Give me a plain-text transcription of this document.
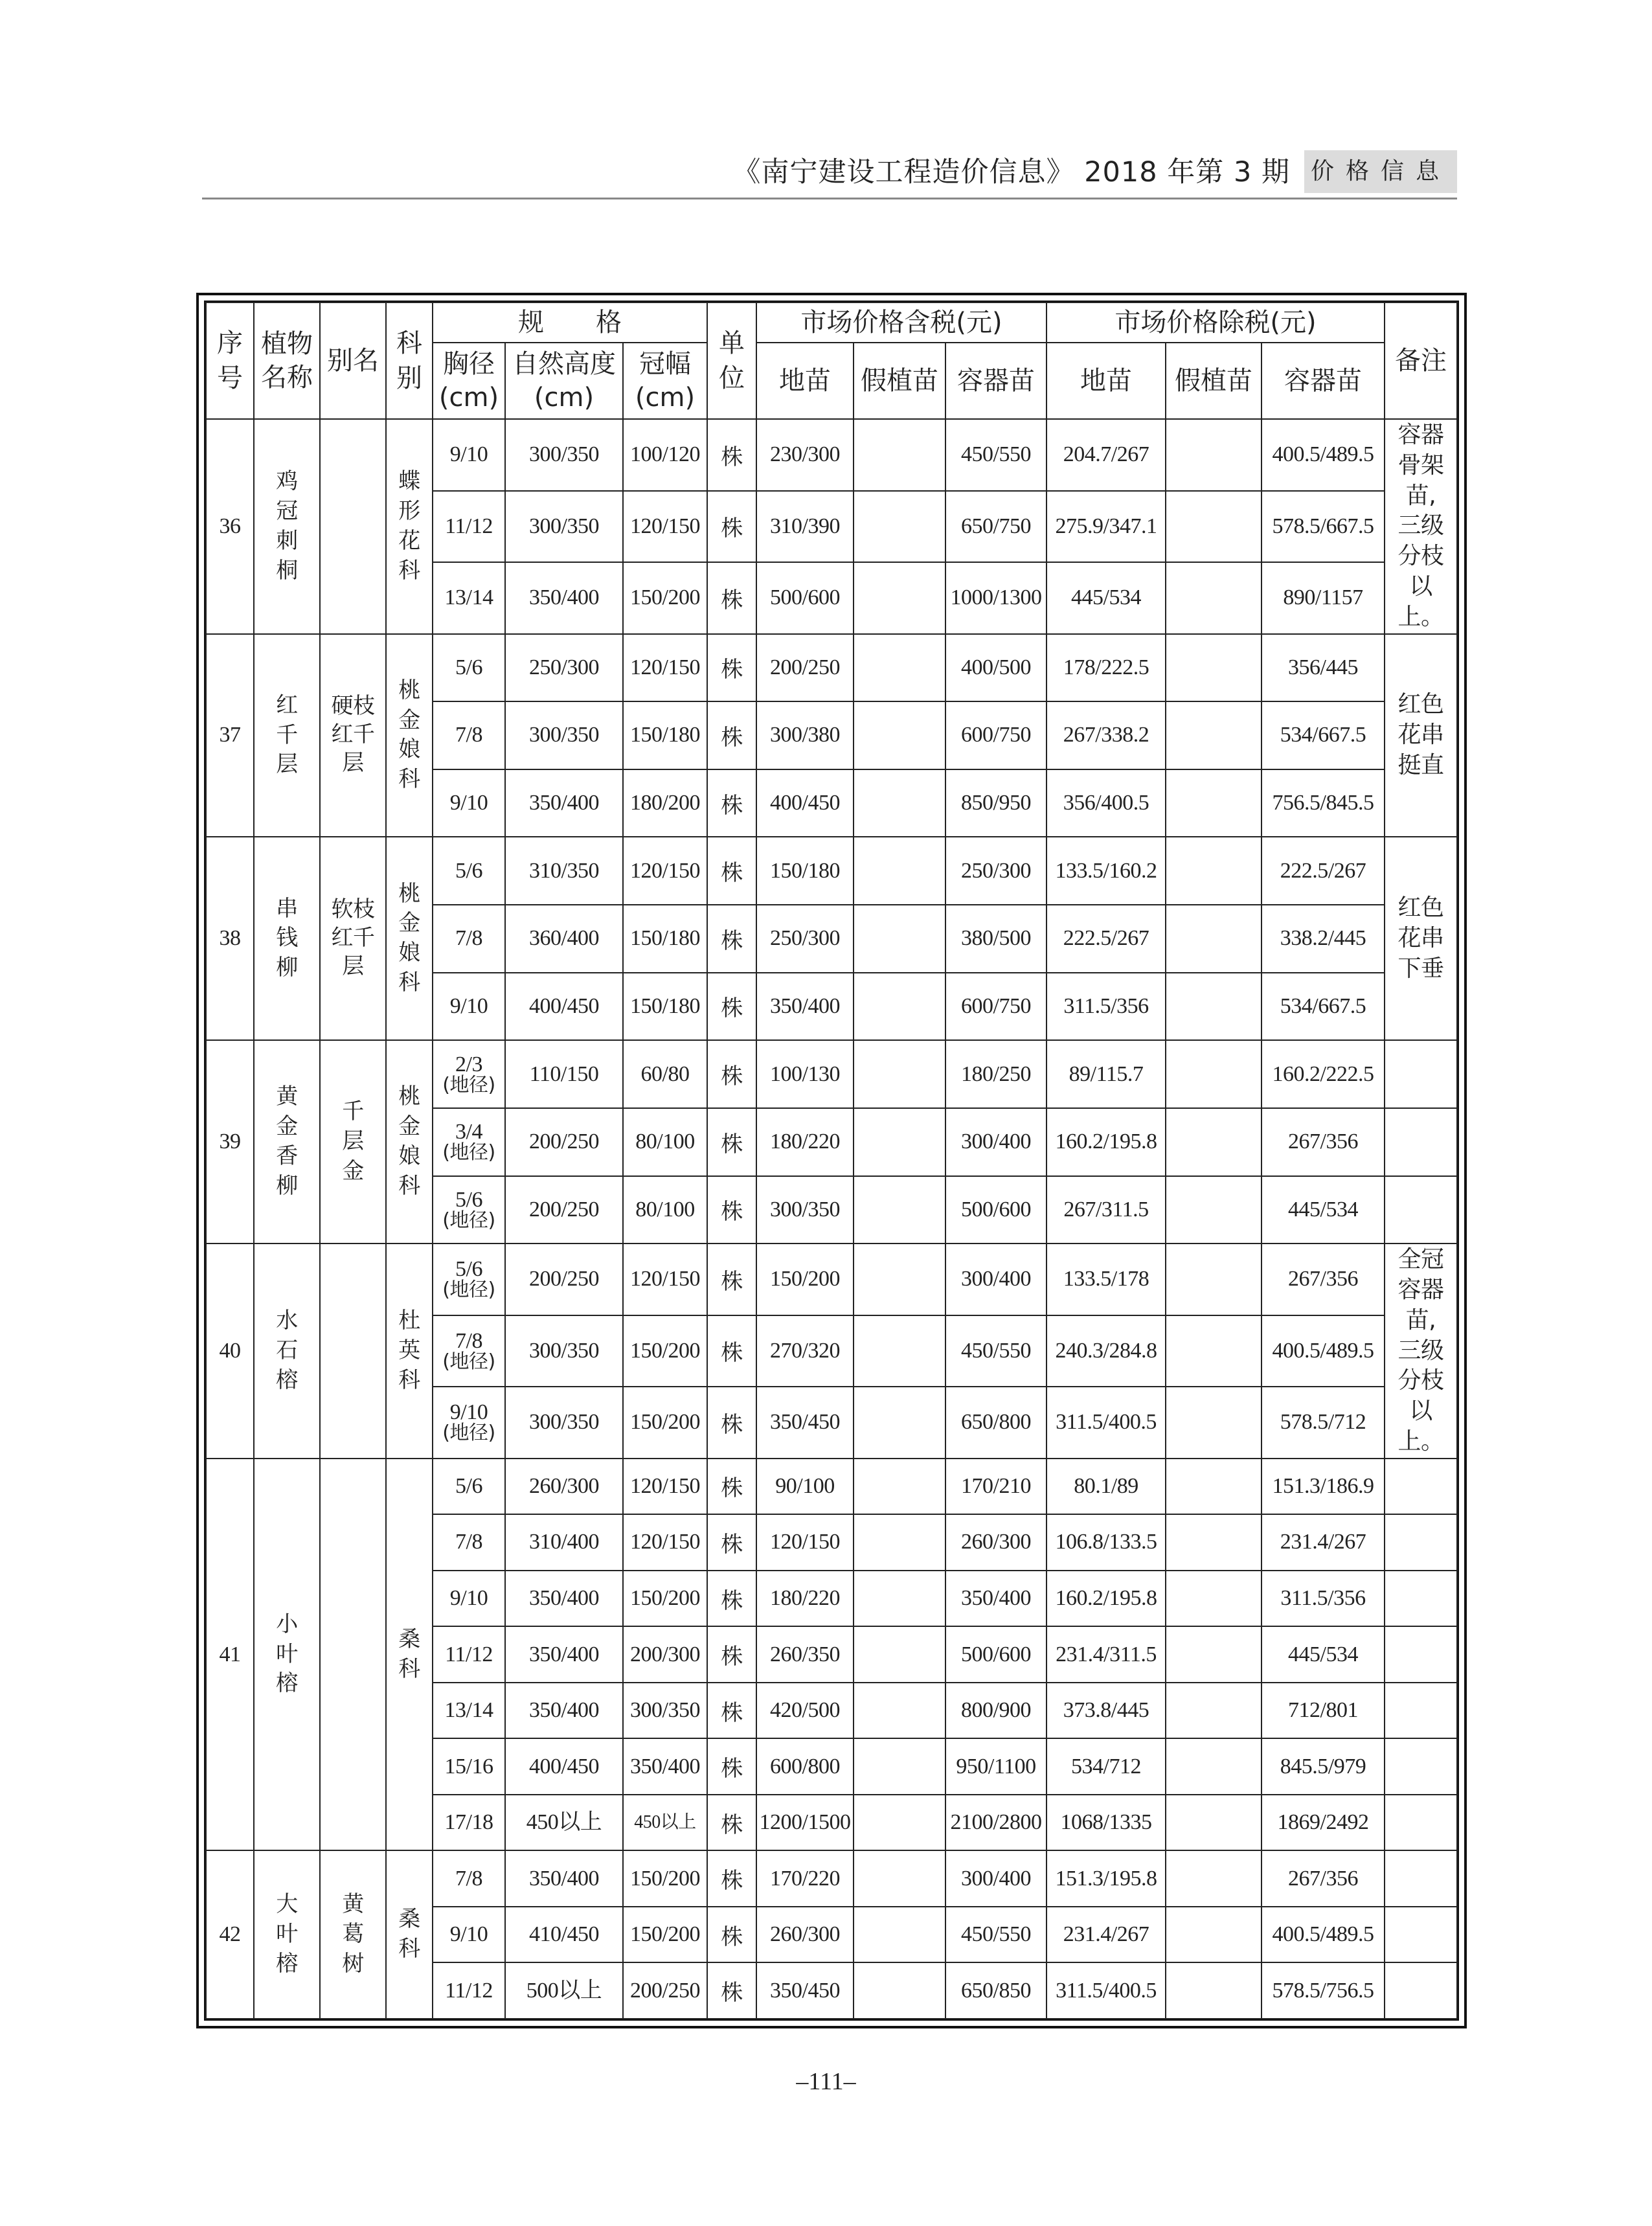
《南宁建设工程造价信息》 2018 年第 3 期 价格信息
序号	植物名称	别名	科别	规　　格			单位	市场价格含税(元)			市场价格除税(元)			备注
				胸径(cm)	自然高度(cm)	冠幅(cm)		地苗	假植苗	容器苗	地苗	假植苗	容器苗	
36	鸡冠刺桐		蝶形花科	9/10	300/350	100/120	株	230/300		450/550	204.7/267		400.5/489.5	容器骨架苗,三级分枝以上。
				11/12	300/350	120/150	株	310/390		650/750	275.9/347.1		578.5/667.5	
				13/14	350/400	150/200	株	500/600		1000/1300	445/534		890/1157	
37	红千层	硬枝红千层	桃金娘科	5/6	250/300	120/150	株	200/250		400/500	178/222.5		356/445	红色花串挺直
				7/8	300/350	150/180	株	300/380		600/750	267/338.2		534/667.5	
				9/10	350/400	180/200	株	400/450		850/950	356/400.5		756.5/845.5	
38	串钱柳	软枝红千层	桃金娘科	5/6	310/350	120/150	株	150/180		250/300	133.5/160.2		222.5/267	红色花串下垂
				7/8	360/400	150/180	株	250/300		380/500	222.5/267		338.2/445	
				9/10	400/450	150/180	株	350/400		600/750	311.5/356		534/667.5	
39	黄金香柳	千层金	桃金娘科	2/3
(地径)	110/150	60/80	株	100/130		180/250	89/115.7		160.2/222.5	

				3/4
(地径)	200/250	80/100	株	180/220		300/400	160.2/195.8		267/356	

				5/6
(地径)	200/250	80/100	株	300/350		500/600	267/311.5		445/534	
40	水石榕		杜英科	5/6
(地径)	200/250	120/150	株	150/200		300/400	133.5/178		267/356	全冠容器苗,三级分枝以上。

				7/8
(地径)	300/350	150/200	株	270/320		450/550	240.3/284.8		400.5/489.5	

				9/10
(地径)	300/350	150/200	株	350/450		650/800	311.5/400.5		578.5/712	
41	小叶榕		桑科	5/6	260/300	120/150	株	90/100		170/210	80.1/89		151.3/186.9	
				7/8	310/400	120/150	株	120/150		260/300	106.8/133.5		231.4/267	
				9/10	350/400	150/200	株	180/220		350/400	160.2/195.8		311.5/356	
				11/12	350/400	200/300	株	260/350		500/600	231.4/311.5		445/534	
				13/14	350/400	300/350	株	420/500		800/900	373.8/445		712/801	
				15/16	400/450	350/400	株	600/800		950/1100	534/712		845.5/979	
				17/18	450以上	450以上	株	1200/1500		2100/2800	1068/1335		1869/2492	
42	大叶榕	黄葛树	桑科	7/8	350/400	150/200	株	170/220		300/400	151.3/195.8		267/356	
				9/10	410/450	150/200	株	260/300		450/550	231.4/267		400.5/489.5	
				11/12	500以上	200/250	株	350/450		650/850	311.5/400.5		578.5/756.5	
–111–
